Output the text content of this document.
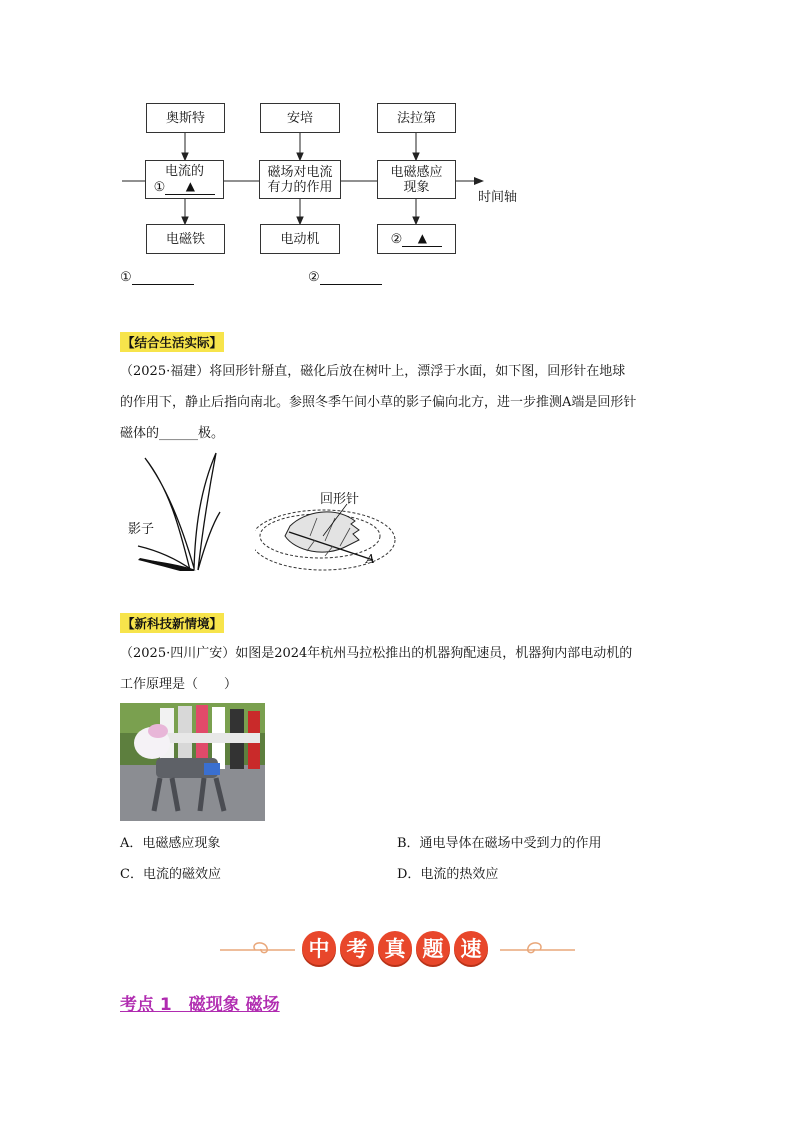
时间轴
奥斯特	安培	法拉第
电流的
①	▲
磁场对电流
有力的作用
电磁感应
现象
电磁铁	电动机	②	▲
①	②
【结合生活实际】
（2025·福建）将回形针掰直，磁化后放在树叶上，漂浮于水面，如下图，回形针在地球
的作用下，静止后指向南北。参照冬季午间小草的影子偏向北方，进一步推测A端是回形针
磁体的______极。
影子
回形针
A
【新科技新情境】
（2025·四川广安）如图是2024年杭州马拉松推出的机器狗配速员，机器狗内部电动机的
工作原理是（　　）
A．电磁感应现象	B．通电导体在磁场中受到力的作用
C．电流的磁效应	D．电流的热效应
中 考 真 题 速
考点 1　磁现象 磁场
